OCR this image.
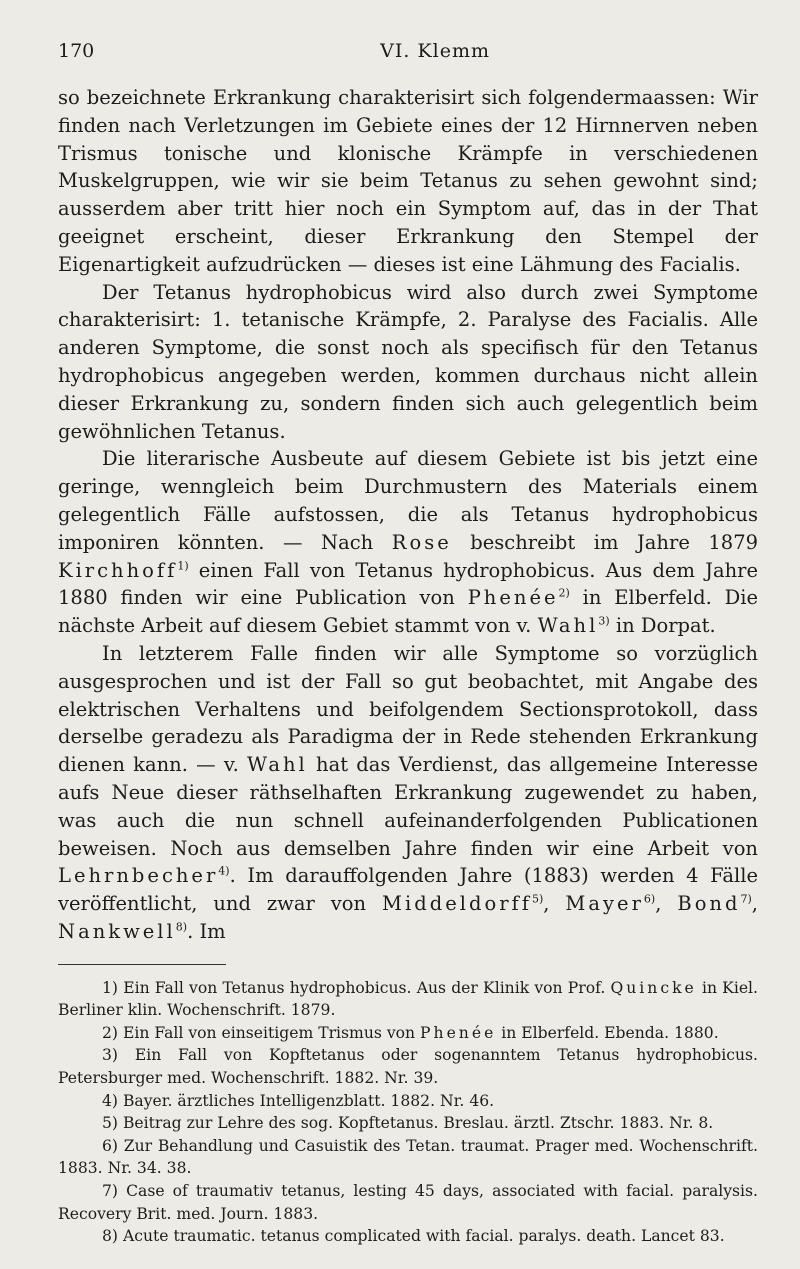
170	VI. Klemm

so bezeichnete Erkrankung charakterisirt sich folgendermaassen: Wir finden nach Verletzungen im Gebiete eines der 12 Hirnnerven neben Trismus tonische und klonische Krämpfe in verschiedenen Muskelgruppen, wie wir sie beim Tetanus zu sehen gewohnt sind; ausserdem aber tritt hier noch ein Symptom auf, das in der That geeignet erscheint, dieser Erkrankung den Stempel der Eigenartigkeit aufzudrücken — dieses ist eine Lähmung des Facialis.

Der Tetanus hydrophobicus wird also durch zwei Symptome charakterisirt: 1. tetanische Krämpfe, 2. Paralyse des Facialis. Alle anderen Symptome, die sonst noch als specifisch für den Tetanus hydrophobicus angegeben werden, kommen durchaus nicht allein dieser Erkrankung zu, sondern finden sich auch gelegentlich beim gewöhnlichen Tetanus.

Die literarische Ausbeute auf diesem Gebiete ist bis jetzt eine geringe, wenngleich beim Durchmustern des Materials einem gelegentlich Fälle aufstossen, die als Tetanus hydrophobicus imponiren könnten. — Nach Rose beschreibt im Jahre 1879 Kirchhoff$^{1)}$ einen Fall von Tetanus hydrophobicus. Aus dem Jahre 1880 finden wir eine Publication von Phenée$^{2)}$ in Elberfeld. Die nächste Arbeit auf diesem Gebiet stammt von v. Wahl$^{3)}$ in Dorpat.

In letzterem Falle finden wir alle Symptome so vorzüglich ausgesprochen und ist der Fall so gut beobachtet, mit Angabe des elektrischen Verhaltens und beifolgendem Sectionsprotokoll, dass derselbe geradezu als Paradigma der in Rede stehenden Erkrankung dienen kann. — v. Wahl hat das Verdienst, das allgemeine Interesse aufs Neue dieser räthselhaften Erkrankung zugewendet zu haben, was auch die nun schnell aufeinanderfolgenden Publicationen beweisen. Noch aus demselben Jahre finden wir eine Arbeit von Lehrnbecher$^{4)}$. Im darauffolgenden Jahre (1883) werden 4 Fälle veröffentlicht, und zwar von Middeldorff$^{5)}$, Mayer$^{6)}$, Bond$^{7)}$, Nankwell$^{8)}$. Im

1) Ein Fall von Tetanus hydrophobicus. Aus der Klinik von Prof. Quincke in Kiel. Berliner klin. Wochenschrift. 1879.

2) Ein Fall von einseitigem Trismus von Phenée in Elberfeld. Ebenda. 1880.

3) Ein Fall von Kopftetanus oder sogenanntem Tetanus hydrophobicus. Petersburger med. Wochenschrift. 1882. Nr. 39.

4) Bayer. ärztliches Intelligenzblatt. 1882. Nr. 46.

5) Beitrag zur Lehre des sog. Kopftetanus. Breslau. ärztl. Ztschr. 1883. Nr. 8.

6) Zur Behandlung und Casuistik des Tetan. traumat. Prager med. Wochenschrift. 1883. Nr. 34. 38.

7) Case of traumativ tetanus, lesting 45 days, associated with facial. paralysis. Recovery Brit. med. Journ. 1883.

8) Acute traumatic. tetanus complicated with facial. paralys. death. Lancet 83.
